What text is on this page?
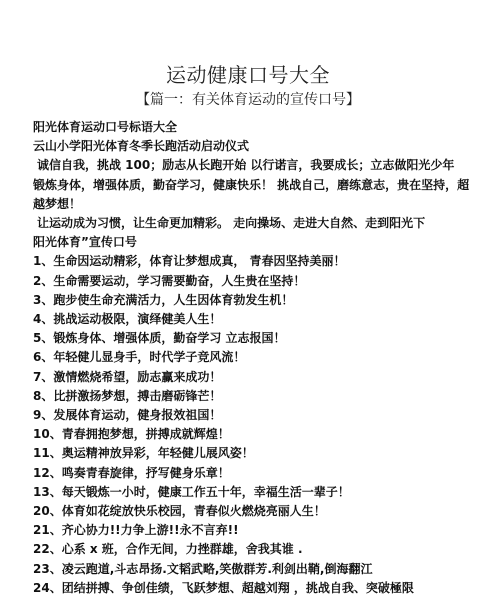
运动健康口号大全
【篇一：有关体育运动的宣传口号】

阳光体育运动口号标语大全

云山小学阳光体育冬季长跑活动启动仪式

诚信自我，挑战 100；励志从长跑开始 以行诺言，我要成长；立志做阳光少年

锻炼身体，增强体质，勤奋学习，健康快乐！ 挑战自己，磨练意志，贵在坚持，超越梦想！

让运动成为习惯，让生命更加精彩。 走向操场、走进大自然、走到阳光下

阳光体育”宣传口号

1、生命因运动精彩，体育让梦想成真， 青春因坚持美丽！

2、生命需要运动，学习需要勤奋，人生贵在坚持！

3、跑步使生命充满活力，人生因体育勃发生机！

4、挑战运动极限，演绎健美人生！

5、锻炼身体、增强体质，勤奋学习 立志报国！

6、年轻健儿显身手，时代学子竞风流！

7、激情燃烧希望，励志赢来成功！

8、比拼激扬梦想，搏击磨砺锋芒！

9、发展体育运动，健身报效祖国！

10、青春拥抱梦想，拼搏成就辉煌！

11、奥运精神放异彩，年轻健儿展风姿！

12、鸣奏青春旋律，抒写健身乐章！

13、每天锻炼一小时，健康工作五十年，幸福生活一辈子！

20、体育如花绽放快乐校园，青春似火燃烧亮丽人生！

21、齐心协力!!力争上游!!永不言弃!!

22、心系 x 班，合作无间，力挫群雄，舍我其谁 .

23、凌云跑道,斗志昂扬.文韬武略,笑傲群芳.利剑出鞘,倒海翻江

24、团结拼搏、争创佳绩，飞跃梦想、超越刘翔 ，挑战自我、突破極限
